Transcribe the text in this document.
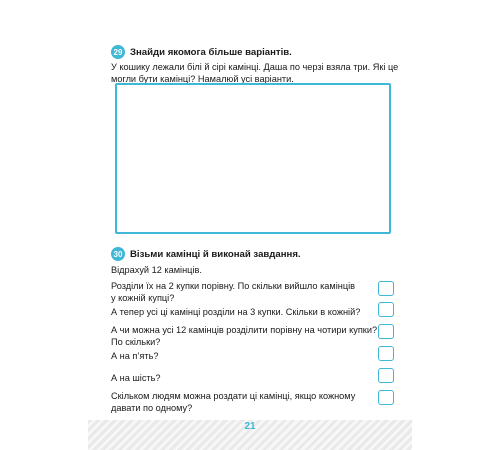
29 Знайди якомога більше варіантів.
У кошику лежали білі й сірі камінці. Даша по черзі взяла три. Які це
могли бути камінці? Намалюй усі варіанти.
30 Візьми камінці й виконай завдання.
Відрахуй 12 камінців.
Розділи їх на 2 купки порівну. По скільки вийшло камінців
у кожній купці?
А тепер усі ці камінці розділи на 3 купки. Скільки в кожній?
А чи можна усі 12 камінців розділити порівну на чотири купки?
По скільки?
А на п’ять?
А на шість?
Скільком людям можна роздати ці камінці, якщо кожному
давати по одному?
21
